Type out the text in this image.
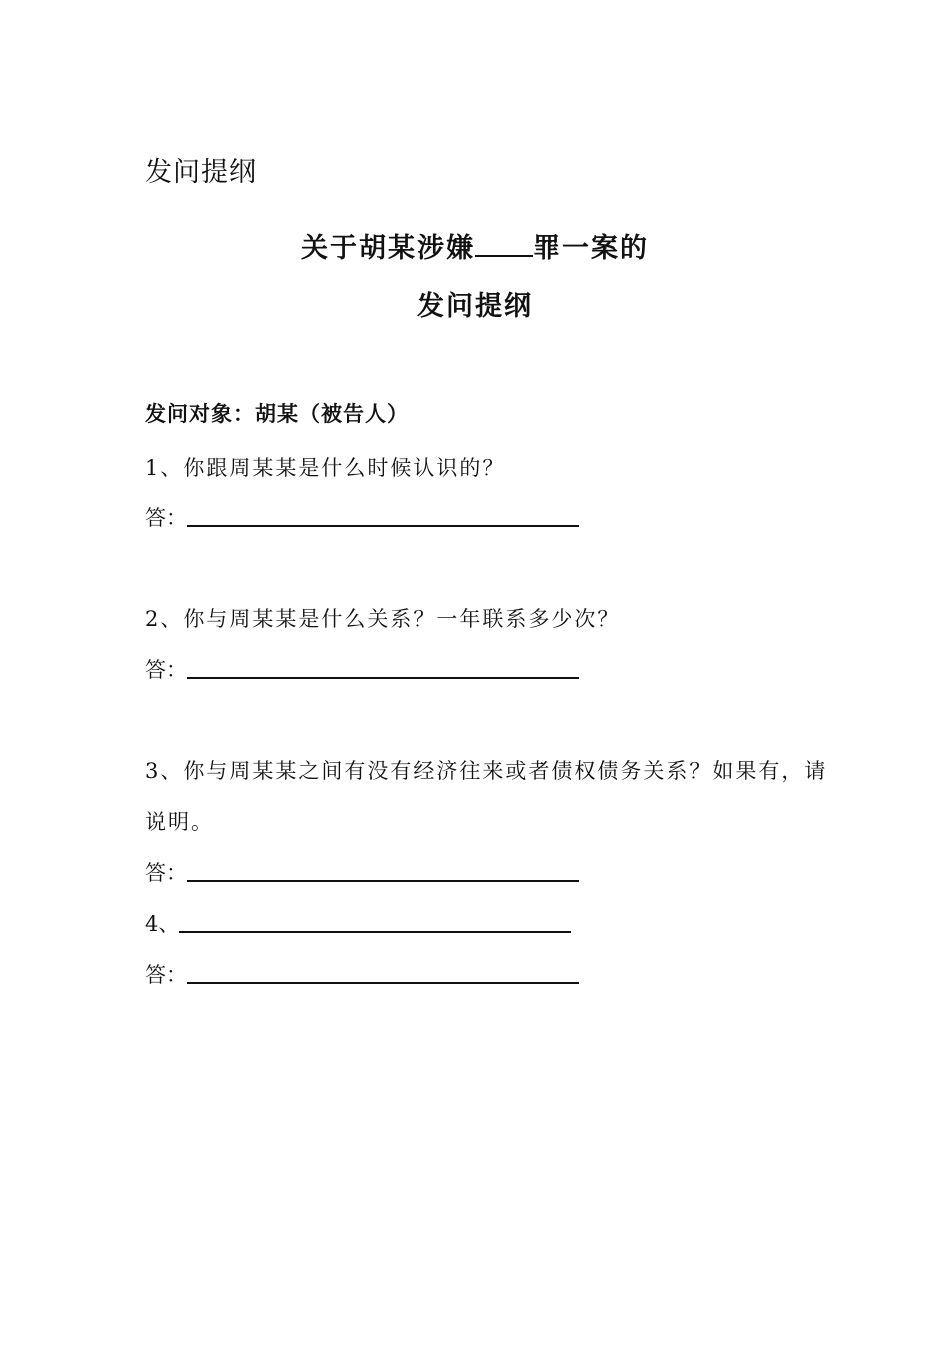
发问提纲
关于胡某涉嫌 罪一案的
发问提纲
发问对象：胡某（被告人）
1、你跟周某某是什么时候认识的？
答：
2、你与周某某是什么关系？一年联系多少次？
答：
3、你与周某某之间有没有经济往来或者债权债务关系？如果有，请
说明。
答：
4、
答：
